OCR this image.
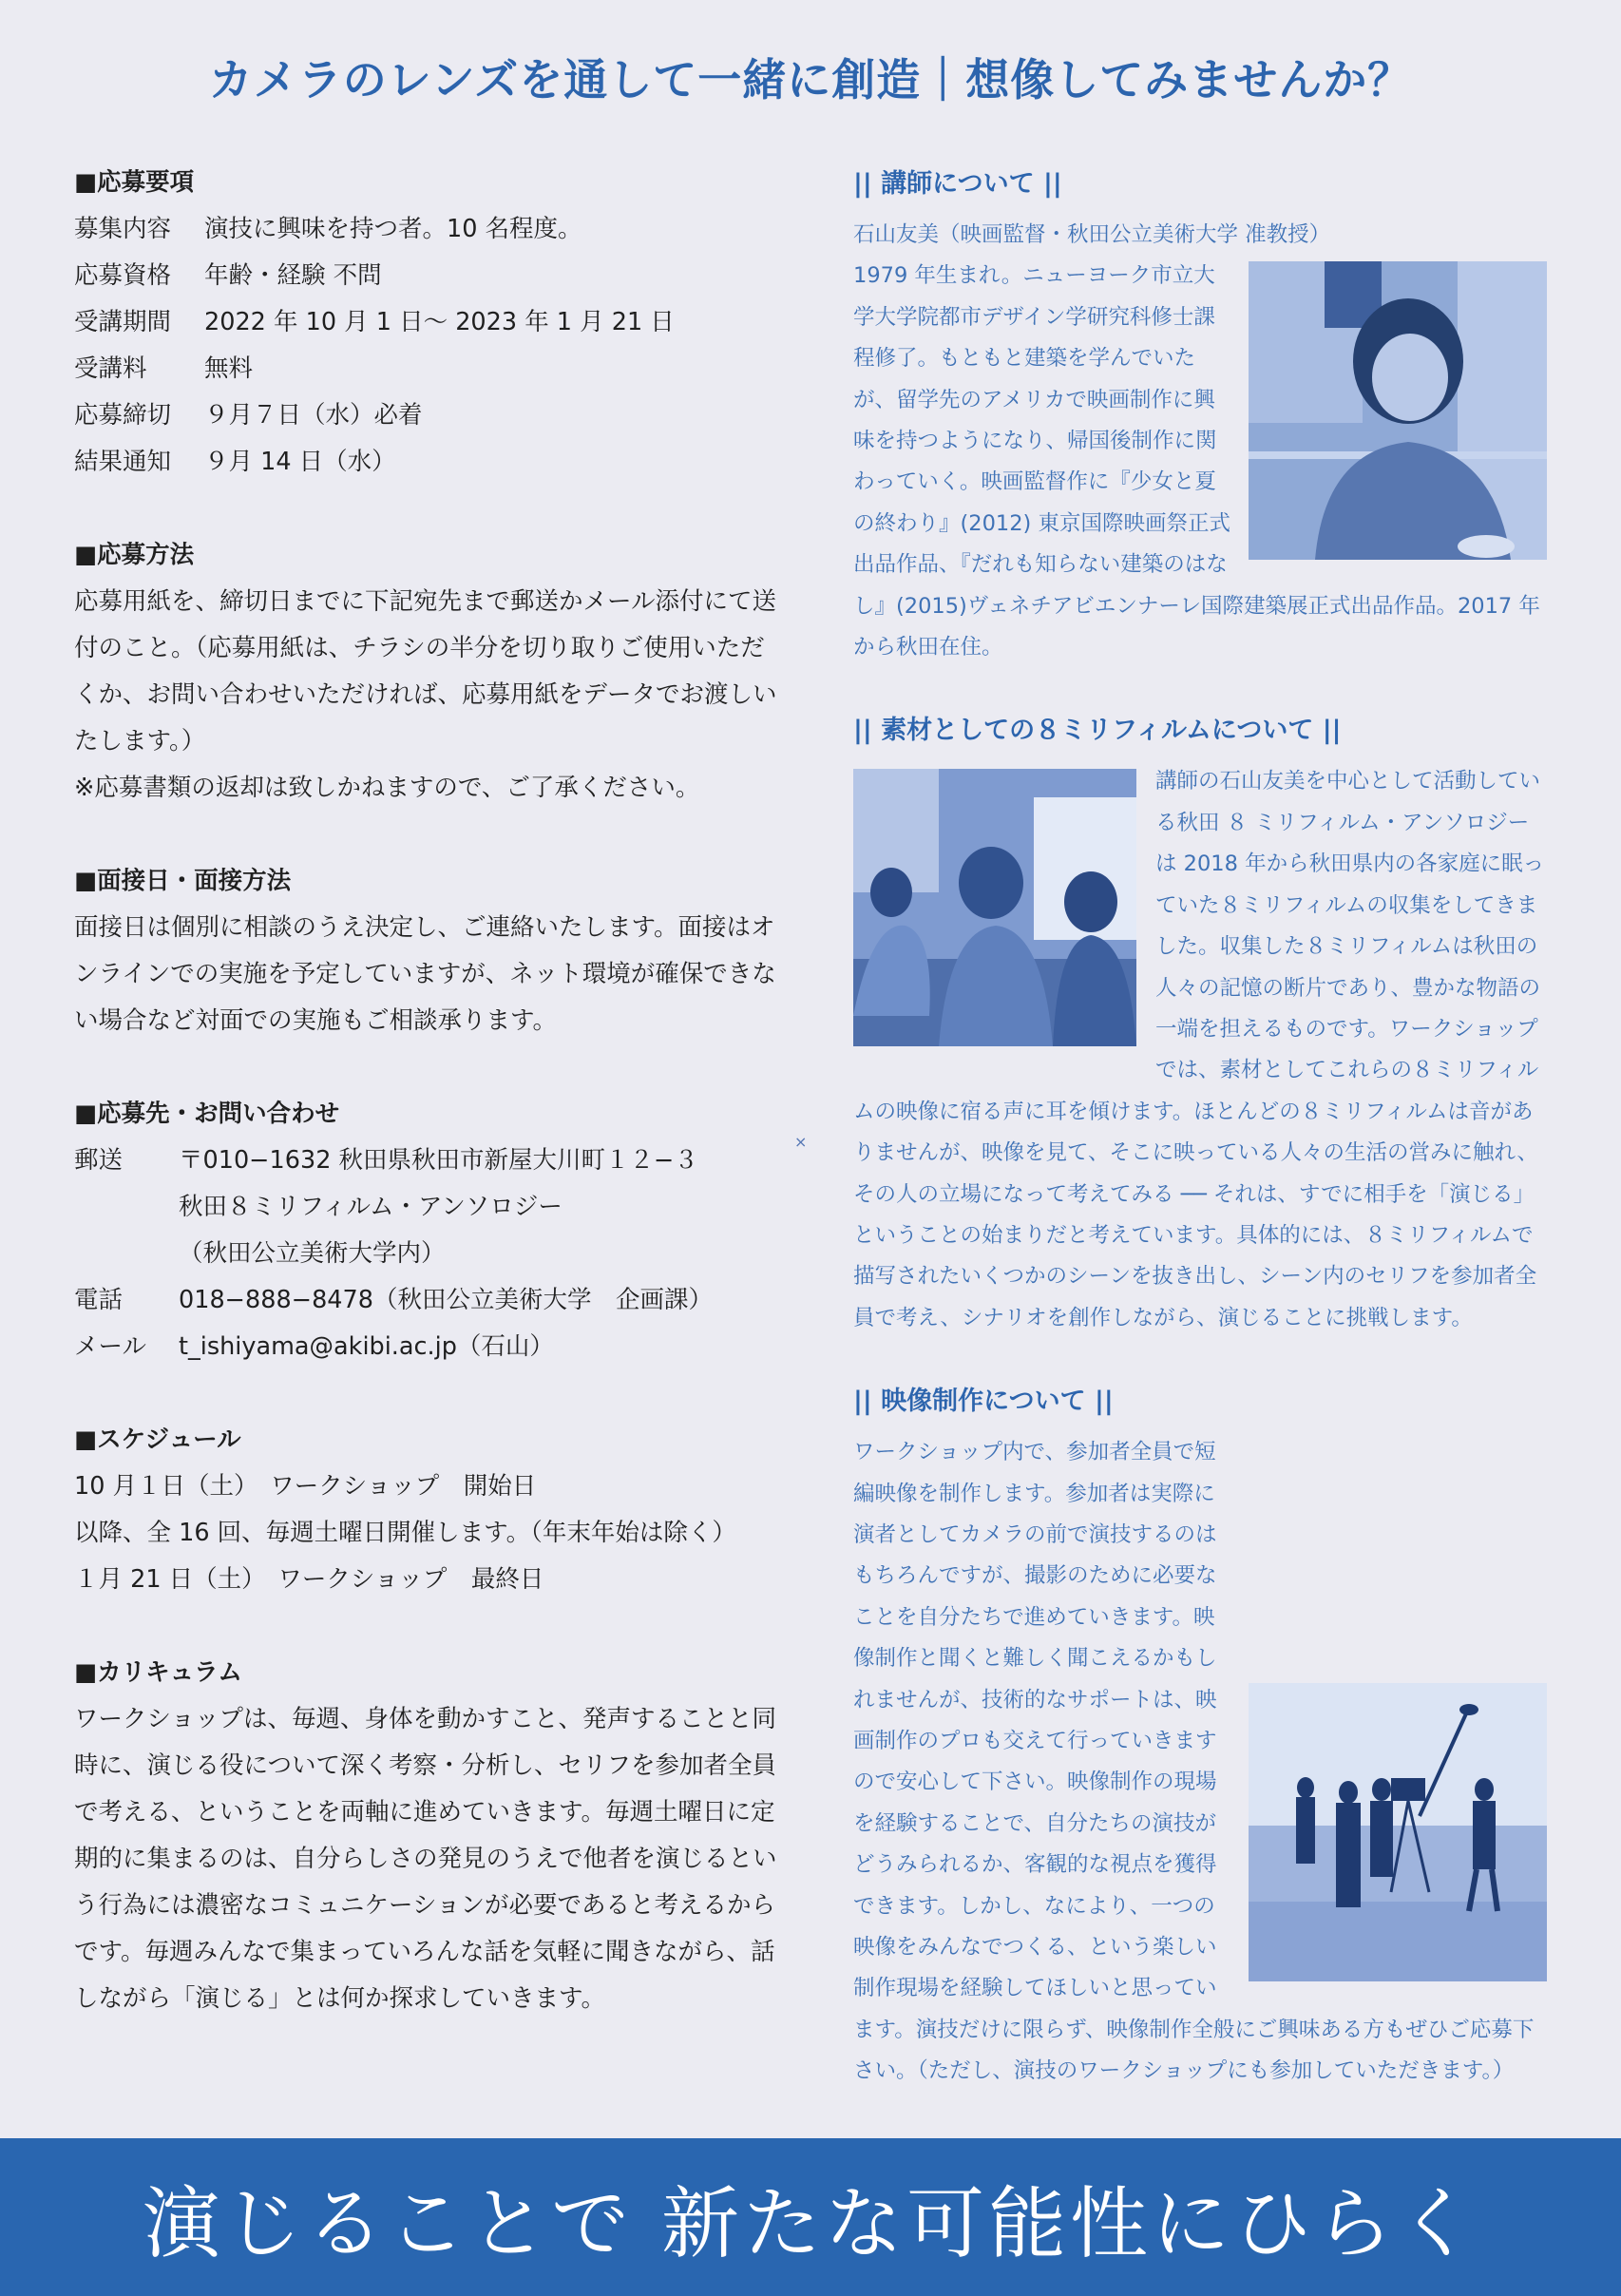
カメラのレンズを通して一緒に創造｜想像してみませんか？

■応募要項

募集内容	演技に興味を持つ者。10 名程度。
応募資格	年齢・経験 不問
受講期間	2022 年 10 月 1 日〜 2023 年 1 月 21 日
受講料	無料
応募締切	９月７日（水）必着
結果通知	９月 14 日（水）

■応募方法

応募用紙を、締切日までに下記宛先まで郵送かメール添付にて送付のこと。（応募用紙は、チラシの半分を切り取りご使用いただくか、お問い合わせいただければ、応募用紙をデータでお渡しいたします。）

※応募書類の返却は致しかねますので、ご了承ください。

■面接日・面接方法

面接日は個別に相談のうえ決定し、ご連絡いたします。面接はオンラインでの実施を予定していますが、ネット環境が確保できない場合など対面での実施もご相談承ります。

■応募先・お問い合わせ

郵送	〒010−1632 秋田県秋田市新屋大川町１２−３
秋田８ミリフィルム・アンソロジー
（秋田公立美術大学内）
電話	018−888−8478（秋田公立美術大学　企画課）
メール	t_ishiyama@akibi.ac.jp（石山）

■スケジュール

10 月１日（土）　ワークショップ　開始日

以降、全 16 回、毎週土曜日開催します。（年末年始は除く）

１月 21 日（土）　ワークショップ　最終日

■カリキュラム

ワークショップは、毎週、身体を動かすこと、発声することと同時に、演じる役について深く考察・分析し、セリフを参加者全員で考える、ということを両軸に進めていきます。毎週土曜日に定期的に集まるのは、自分らしさの発見のうえで他者を演じるという行為には濃密なコミュニケーションが必要であると考えるからです。毎週みんなで集まっていろんな話を気軽に聞きながら、話しながら「演じる」とは何か探求していきます。

×

|| 講師について ||

石山友美（映画監督・秋田公立美術大学 准教授）

1979 年生まれ。ニューヨーク市立大学大学院都市デザイン学研究科修士課程修了。もともと建築を学んでいたが、留学先のアメリカで映画制作に興味を持つようになり、帰国後制作に関わっていく。映画監督作に『少女と夏の終わり』(2012) 東京国際映画祭正式出品作品、『だれも知らない建築のはなし』(2015)ヴェネチアビエンナーレ国際建築展正式出品作品。2017 年から秋田在住。

|| 素材としての８ミリフィルムについて ||

講師の石山友美を中心として活動している秋田 ８ ミリフィルム・アンソロジーは 2018 年から秋田県内の各家庭に眠っていた８ミリフィルムの収集をしてきました。収集した８ミリフィルムは秋田の人々の記憶の断片であり、豊かな物語の一端を担えるものです。ワークショップでは、素材としてこれらの８ミリフィルムの映像に宿る声に耳を傾けます。ほとんどの８ミリフィルムは音がありませんが、映像を見て、そこに映っている人々の生活の営みに触れ、その人の立場になって考えてみる ── それは、すでに相手を「演じる」ということの始まりだと考えています。具体的には、８ミリフィルムで描写されたいくつかのシーンを抜き出し、シーン内のセリフを参加者全員で考え、シナリオを創作しながら、演じることに挑戦します。

|| 映像制作について ||

ワークショップ内で、参加者全員で短編映像を制作します。参加者は実際に演者としてカメラの前で演技するのはもちろんですが、撮影のために必要なことを自分たちで進めていきます。映像制作と聞くと難しく聞こえるかもしれませんが、技術的なサポートは、映画制作のプロも交えて行っていきますので安心して下さい。映像制作の現場を経験することで、自分たちの演技がどうみられるか、客観的な視点を獲得できます。しかし、なにより、一つの映像をみんなでつくる、という楽しい制作現場を経験してほしいと思っています。演技だけに限らず、映像制作全般にご興味ある方もぜひご応募下さい。（ただし、演技のワークショップにも参加していただきます。）

演じることで 新たな可能性にひらく
